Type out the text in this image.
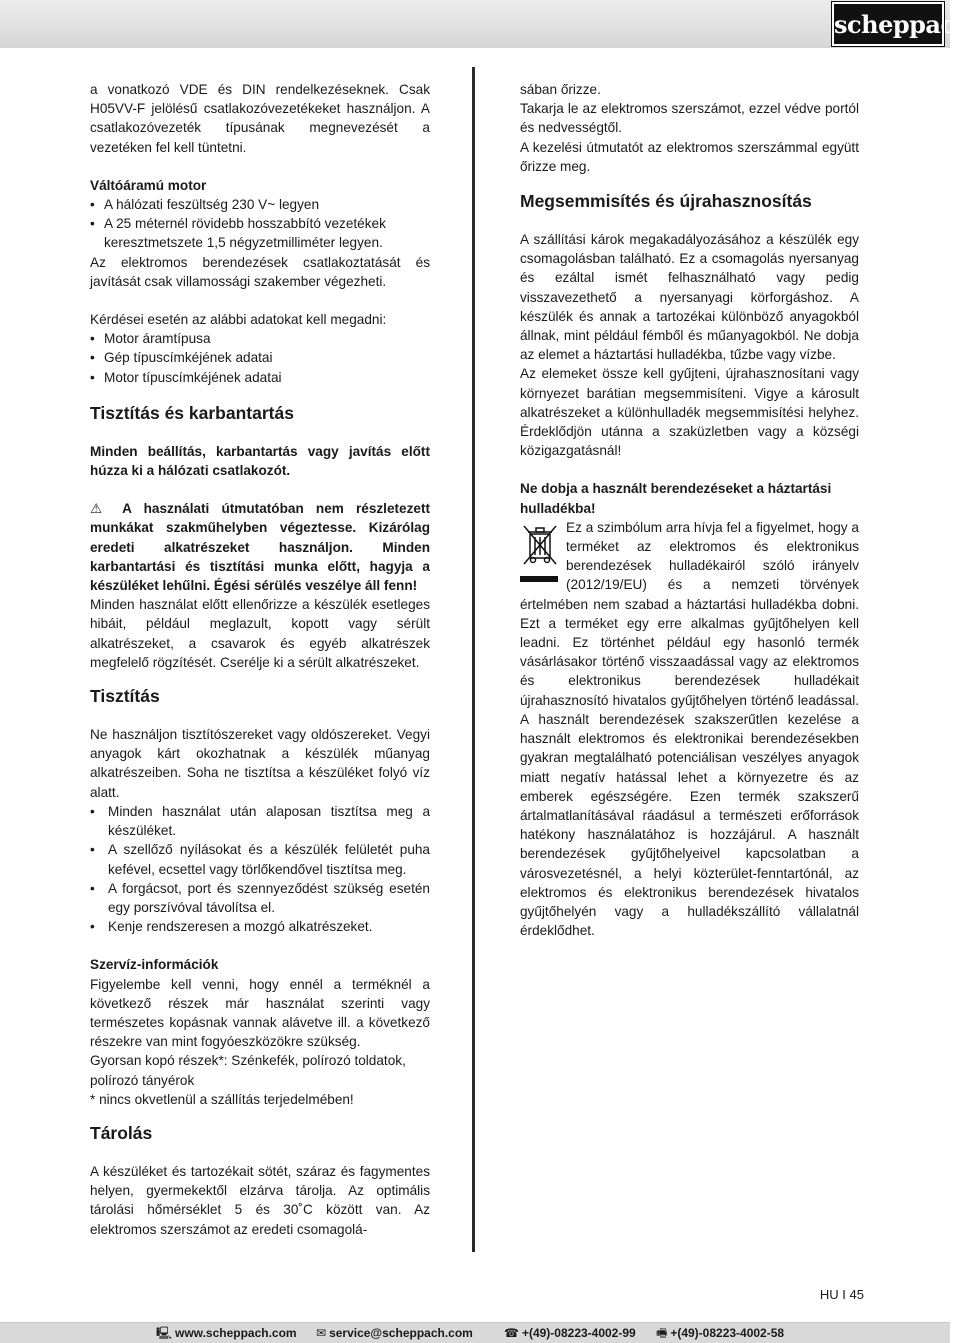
scheppach

a vonatkozó VDE és DIN rendelkezéseknek. Csak H05VV-F jelölésű csatlakozóvezetékeket használjon. A csatlakozóvezeték típusának megnevezését a vezetéken fel kell tüntetni.

Váltóáramú motor

• A hálózati feszültség 230 V~ legyen
• A 25 méternél rövidebb hosszabbító vezetékek keresztmetszete 1,5 négyzetmilliméter legyen.

Az elektromos berendezések csatlakoztatását és javítását csak villamossági szakember végezheti.

Kérdései esetén az alábbi adatokat kell megadni:

• Motor áramtípusa
• Gép típuscímkéjének adatai
• Motor típuscímkéjének adatai

Tisztítás és karbantartás

Minden beállítás, karbantartás vagy javítás előtt húzza ki a hálózati csatlakozót.

⚠ A használati útmutatóban nem részletezett munkákat szakműhelyben végeztesse. Kizárólag eredeti alkatrészeket használjon. Minden karbantartási és tisztítási munka előtt, hagyja a készüléket lehűlni. Égési sérülés veszélye áll fenn!

Minden használat előtt ellenőrizze a készülék esetleges hibáit, például meglazult, kopott vagy sérült alkatrészeket, a csavarok és egyéb alkatrészek megfelelő rögzítését. Cserélje ki a sérült alkatrészeket.

Tisztítás

Ne használjon tisztítószereket vagy oldószereket. Vegyi anyagok kárt okozhatnak a készülék műanyag alkatrészeiben. Soha ne tisztítsa a készüléket folyó víz alatt.

• Minden használat után alaposan tisztítsa meg a készüléket.
• A szellőző nyílásokat és a készülék felületét puha kefével, ecsettel vagy törlőkendővel tisztítsa meg.
• A forgácsot, port és szennyeződést szükség esetén egy porszívóval távolítsa el.
• Kenje rendszeresen a mozgó alkatrészeket.

Szervíz-információk

Figyelembe kell venni, hogy ennél a terméknél a következő részek már használat szerinti vagy természetes kopásnak vannak alávetve ill. a következő részekre van mint fogyóeszközökre szükség.

Gyorsan kopó részek*: Szénkefék, polírozó toldatok, polírozó tányérok

* nincs okvetlenül a szállítás terjedelmében!

Tárolás

A készüléket és tartozékait sötét, száraz és fagymentes helyen, gyermekektől elzárva tárolja. Az optimális tárolási hőmérséklet 5 és 30˚C között van. Az elektromos szerszámot az eredeti csomagolá-

sában őrizze.

Takarja le az elektromos szerszámot, ezzel védve portól és nedvességtől.

A kezelési útmutatót az elektromos szerszámmal együtt őrizze meg.

Megsemmisítés és újrahasznosítás

A szállítási károk megakadályozásához a készülék egy csomagolásban található. Ez a csomagolás nyersanyag és ezáltal ismét felhasználható vagy pedig visszavezethető a nyersanyagi körforgáshoz. A készülék és annak a tartozékai különböző anyagokból állnak, mint például fémből és műanyagokból. Ne dobja az elemet a háztartási hulladékba, tűzbe vagy vízbe.

Az elemeket össze kell gyűjteni, újrahasznosítani vagy környezet barátian megsemmisíteni. Vigye a károsult alkatrészeket a különhulladék megsemmisítési helyhez. Érdeklődjön utánna a szaküzletben vagy a községi közigazgatásnál!

Ne dobja a használt berendezéseket a háztartási hulladékba!

Ez a szimbólum arra hívja fel a figyelmet, hogy a terméket az elektromos és elektronikus berendezések hulladékairól szóló irányelv (2012/19/EU) és a nemzeti törvények értelmében nem szabad a háztartási hulladékba dobni. Ezt a terméket egy erre alkalmas gyűjtőhelyen kell leadni. Ez történhet például egy hasonló termék vásárlásakor történő visszaadással vagy az elektromos és elektronikus berendezések hulladékait újrahasznosító hivatalos gyűjtőhelyen történő leadással. A használt berendezések szakszerűtlen kezelése a használt elektromos és elektronikai berendezésekben gyakran megtalálható potenciálisan veszélyes anyagok miatt negatív hatással lehet a környezetre és az emberek egészségére. Ezen termék szakszerű ártalmatlanításával ráadásul a természeti erőforrások hatékony használatához is hozzájárul. A használt berendezések gyűjtőhelyeivel kapcsolatban a városvezetésnél, a helyi közterület-fenntartónál, az elektromos és elektronikus berendezések hivatalos gyűjtőhelyén vagy a hulladékszállító vállalatnál érdeklődhet.

HU I 45
🖳 www.scheppach.com ✉ service@scheppach.com	☎ +(49)-08223-4002-99 🖷 +(49)-08223-4002-58
